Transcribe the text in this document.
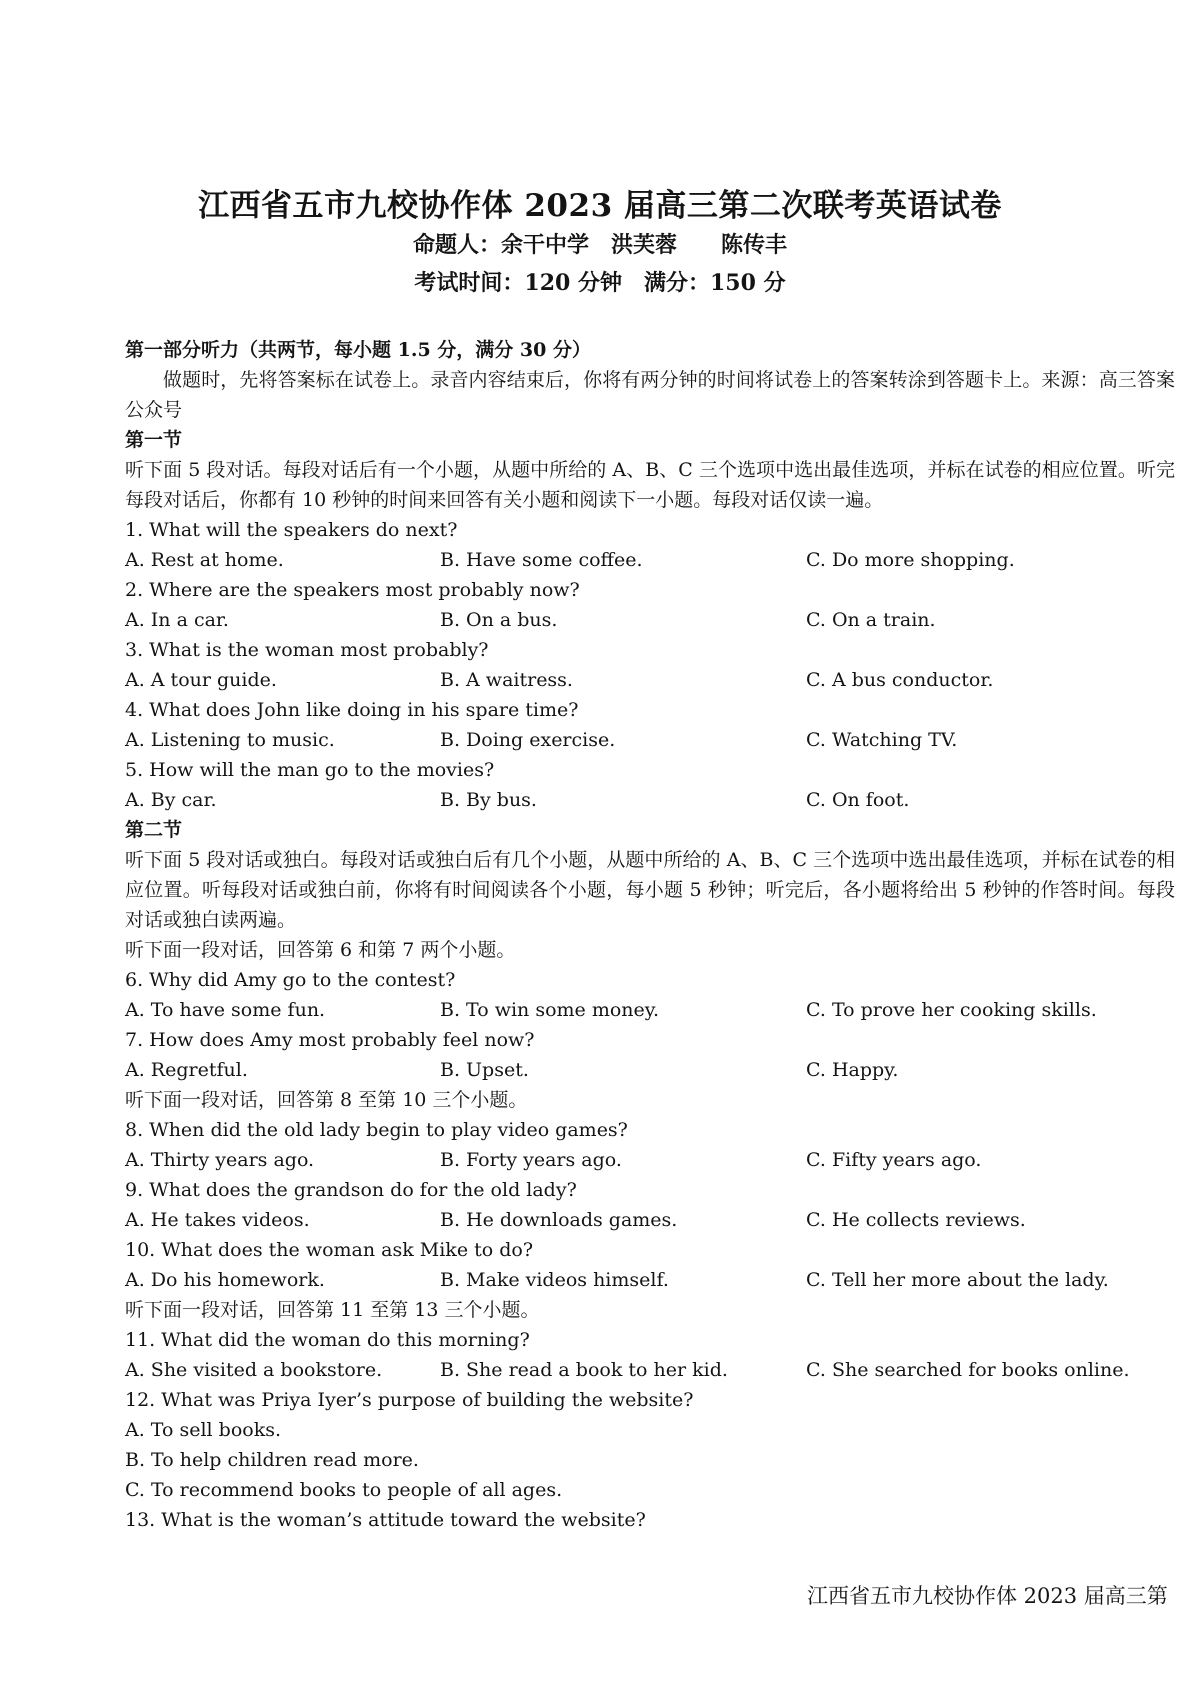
江西省五市九校协作体 2023 届高三第二次联考英语试卷
命题人：余干中学　洪芙蓉　　陈传丰
考试时间：120 分钟　满分：150 分
第一部分听力（共两节，每小题 1.5 分，满分 30 分）
做题时，先将答案标在试卷上。录音内容结束后，你将有两分钟的时间将试卷上的答案转涂到答题卡上。来源：高三答案公众号
第一节
听下面 5 段对话。每段对话后有一个小题，从题中所给的 A、B、C 三个选项中选出最佳选项，并标在试卷的相应位置。听完每段对话后，你都有 10 秒钟的时间来回答有关小题和阅读下一小题。每段对话仅读一遍。
1. What will the speakers do next?
A. Rest at home.	B. Have some coffee.	C. Do more shopping.
2. Where are the speakers most probably now?
A. In a car.	B. On a bus.	C. On a train.
3. What is the woman most probably?
A. A tour guide.	B. A waitress.	C. A bus conductor.
4. What does John like doing in his spare time?
A. Listening to music.	B. Doing exercise.	C. Watching TV.
5. How will the man go to the movies?
A. By car.	B. By bus.	C. On foot.
第二节
听下面 5 段对话或独白。每段对话或独白后有几个小题，从题中所给的 A、B、C 三个选项中选出最佳选项，并标在试卷的相应位置。听每段对话或独白前，你将有时间阅读各个小题，每小题 5 秒钟；听完后，各小题将给出 5 秒钟的作答时间。每段对话或独白读两遍。
听下面一段对话，回答第 6 和第 7 两个小题。
6. Why did Amy go to the contest?
A. To have some fun.	B. To win some money.	C. To prove her cooking skills.
7. How does Amy most probably feel now?
A. Regretful.	B. Upset.	C. Happy.
听下面一段对话，回答第 8 至第 10 三个小题。
8. When did the old lady begin to play video games?
A. Thirty years ago.	B. Forty years ago.	C. Fifty years ago.
9. What does the grandson do for the old lady?
A. He takes videos.	B. He downloads games.	C. He collects reviews.
10. What does the woman ask Mike to do?
A. Do his homework.	B. Make videos himself.	C. Tell her more about the lady.
听下面一段对话，回答第 11 至第 13 三个小题。
11. What did the woman do this morning?
A. She visited a bookstore.	B. She read a book to her kid.	C. She searched for books online.
12. What was Priya Iyer’s purpose of building the website?
A. To sell books.
B. To help children read more.
C. To recommend books to people of all ages.
13. What is the woman’s attitude toward the website?
江西省五市九校协作体 2023 届高三第
